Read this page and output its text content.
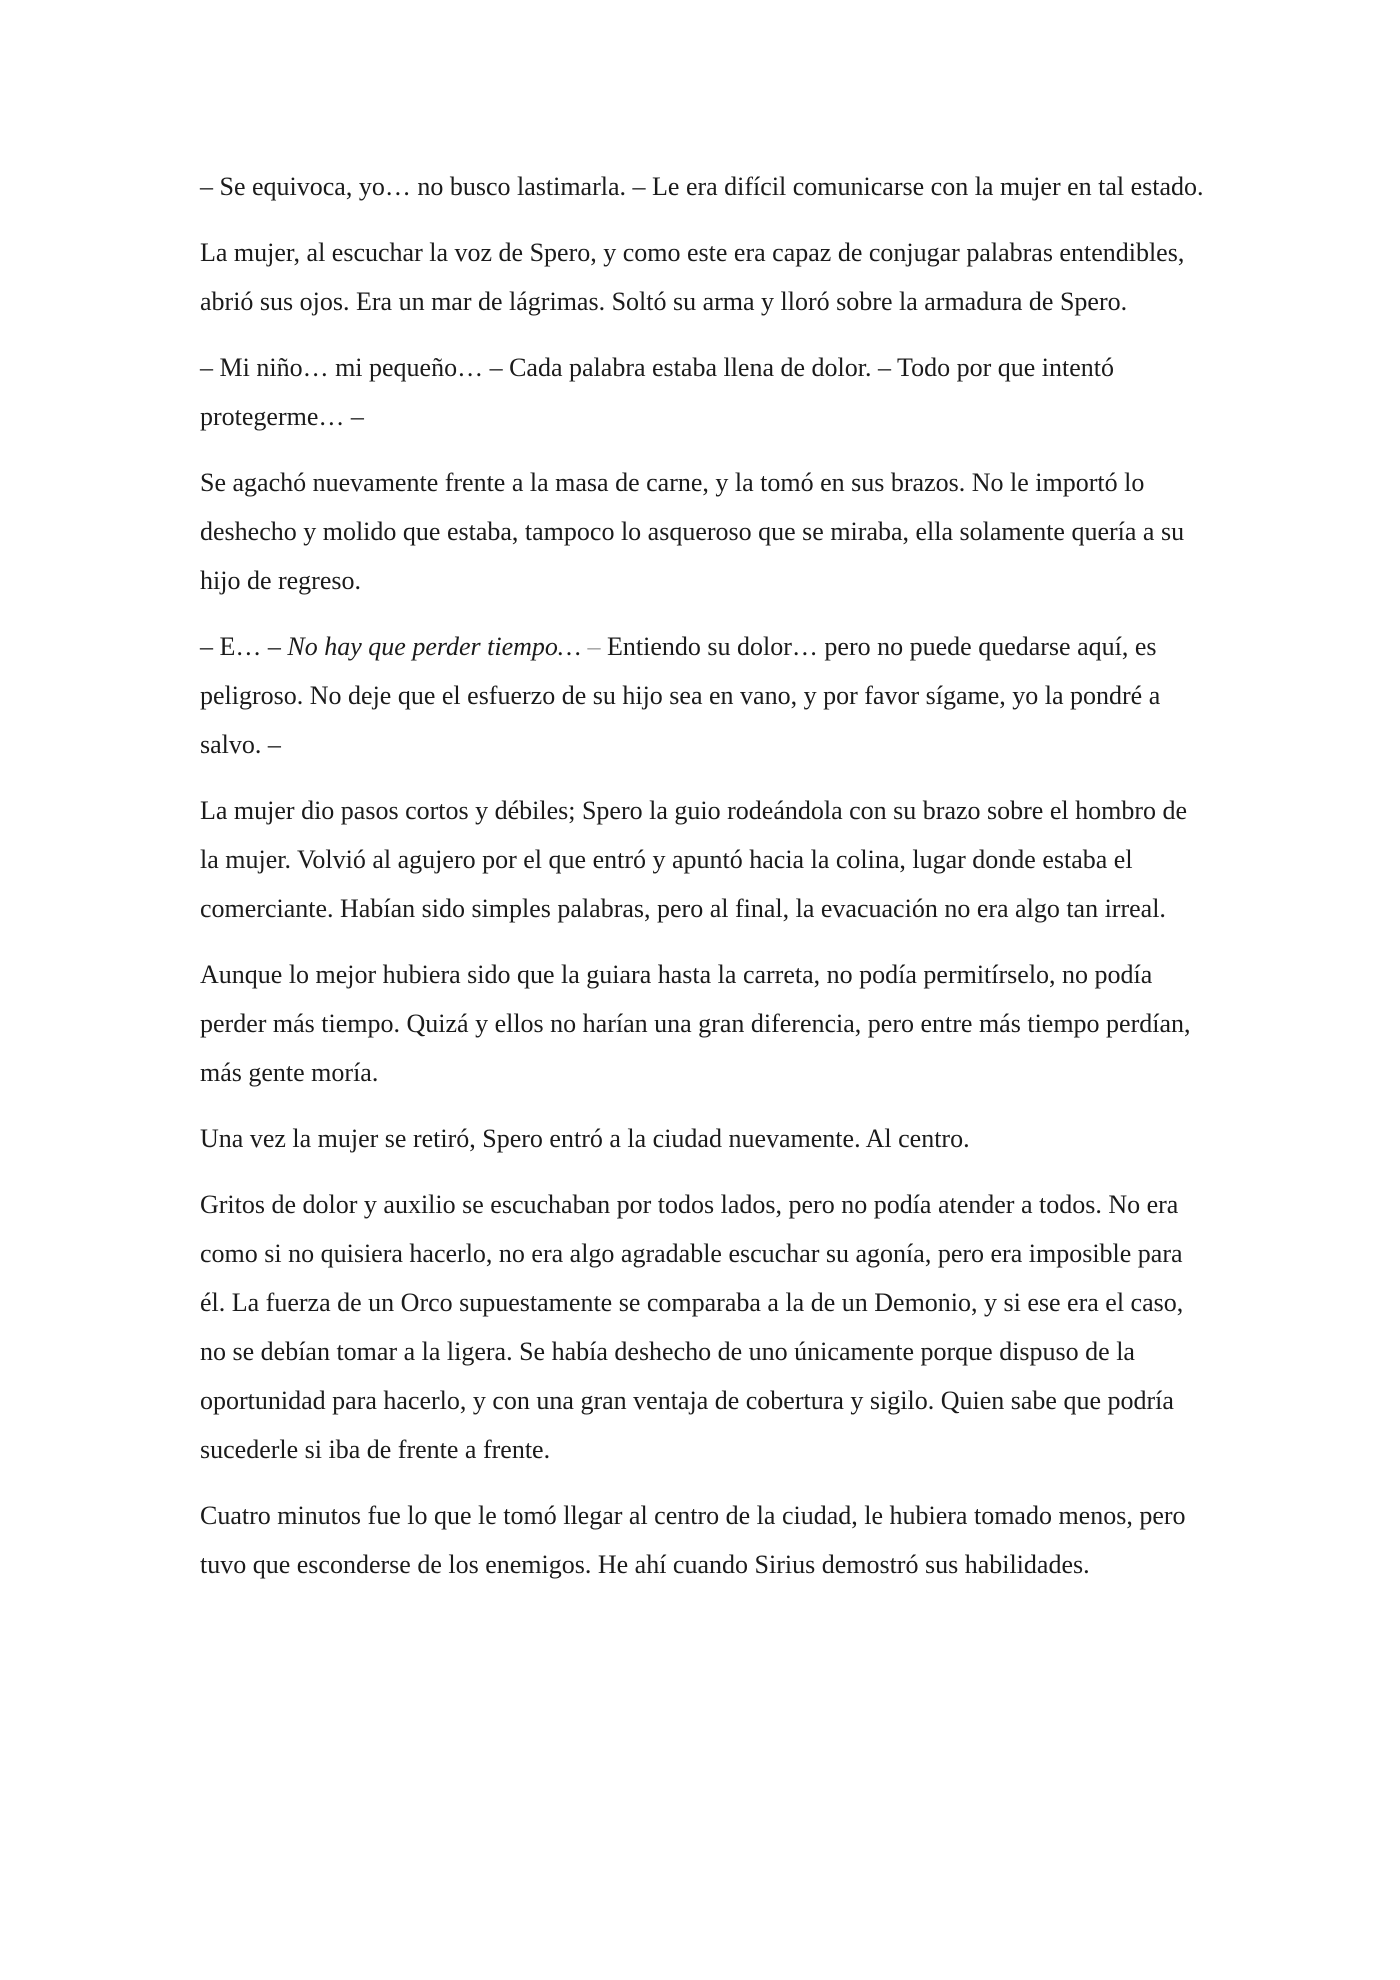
– Se equivoca, yo… no busco lastimarla. – Le era difícil comunicarse con la mujer en tal estado.

La mujer, al escuchar la voz de Spero, y como este era capaz de conjugar palabras entendibles, abrió sus ojos. Era un mar de lágrimas. Soltó su arma y lloró sobre la armadura de Spero.

– Mi niño… mi pequeño… – Cada palabra estaba llena de dolor. – Todo por que intentó protegerme… –

Se agachó nuevamente frente a la masa de carne, y la tomó en sus brazos. No le importó lo deshecho y molido que estaba, tampoco lo asqueroso que se miraba, ella solamente quería a su hijo de regreso.

– E… – No hay que perder tiempo… – Entiendo su dolor… pero no puede quedarse aquí, es peligroso. No deje que el esfuerzo de su hijo sea en vano, y por favor sígame, yo la pondré a salvo. –

La mujer dio pasos cortos y débiles; Spero la guio rodeándola con su brazo sobre el hombro de la mujer. Volvió al agujero por el que entró y apuntó hacia la colina, lugar donde estaba el comerciante. Habían sido simples palabras, pero al final, la evacuación no era algo tan irreal.

Aunque lo mejor hubiera sido que la guiara hasta la carreta, no podía permitírselo, no podía perder más tiempo. Quizá y ellos no harían una gran diferencia, pero entre más tiempo perdían, más gente moría.

Una vez la mujer se retiró, Spero entró a la ciudad nuevamente. Al centro.

Gritos de dolor y auxilio se escuchaban por todos lados, pero no podía atender a todos. No era como si no quisiera hacerlo, no era algo agradable escuchar su agonía, pero era imposible para él. La fuerza de un Orco supuestamente se comparaba a la de un Demonio, y si ese era el caso, no se debían tomar a la ligera. Se había deshecho de uno únicamente porque dispuso de la oportunidad para hacerlo, y con una gran ventaja de cobertura y sigilo. Quien sabe que podría sucederle si iba de frente a frente.

Cuatro minutos fue lo que le tomó llegar al centro de la ciudad, le hubiera tomado menos, pero tuvo que esconderse de los enemigos. He ahí cuando Sirius demostró sus habilidades.
